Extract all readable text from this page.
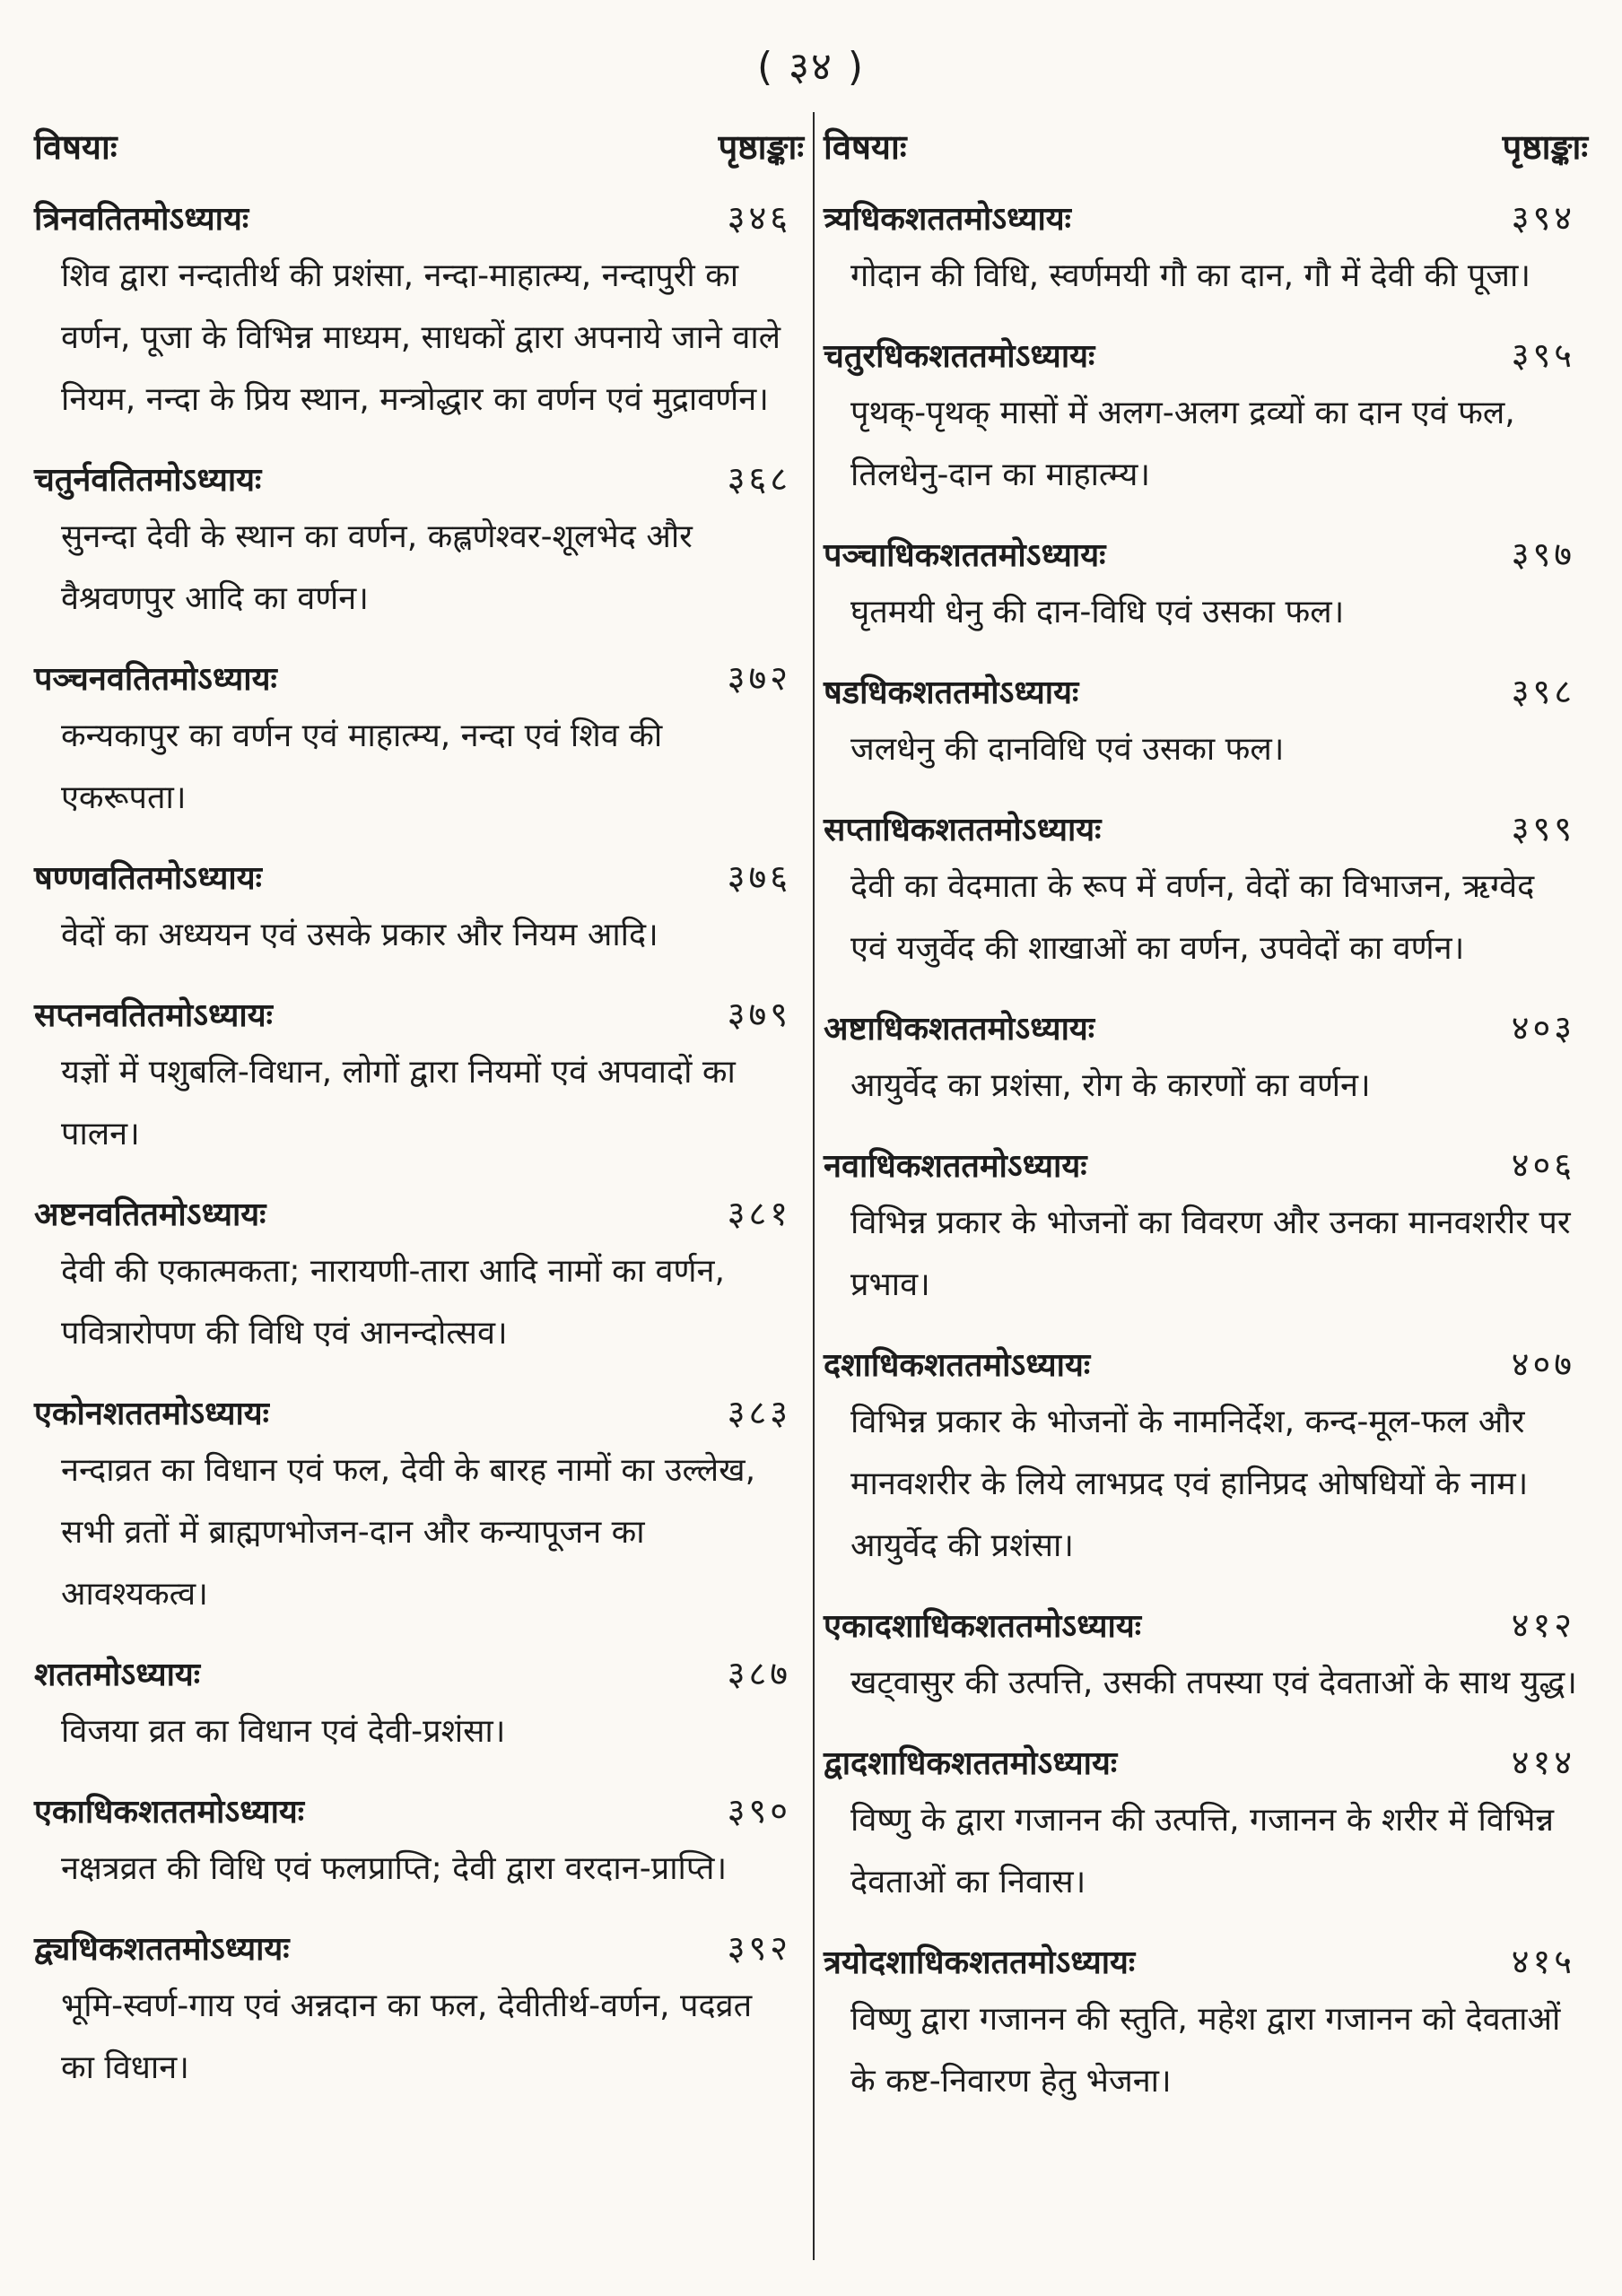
( ३४ )
विषयाः	पृष्ठाङ्काः
त्रिनवतितमोऽध्यायः	३४६
शिव द्वारा नन्दातीर्थ की प्रशंसा, नन्दा-माहात्म्य, नन्दापुरी का वर्णन, पूजा के विभिन्न माध्यम, साधकों द्वारा अपनाये जाने वाले नियम, नन्दा के प्रिय स्थान, मन्त्रोद्धार का वर्णन एवं मुद्रावर्णन।
चतुर्नवतितमोऽध्यायः	३६८
सुनन्दा देवी के स्थान का वर्णन, कह्लणेश्वर-शूलभेद और वैश्रवणपुर आदि का वर्णन।
पञ्चनवतितमोऽध्यायः	३७२
कन्यकापुर का वर्णन एवं माहात्म्य, नन्दा एवं शिव की एकरूपता।
षण्णवतितमोऽध्यायः	३७६
वेदों का अध्ययन एवं उसके प्रकार और नियम आदि।
सप्तनवतितमोऽध्यायः	३७९
यज्ञों में पशुबलि-विधान, लोगों द्वारा नियमों एवं अपवादों का पालन।
अष्टनवतितमोऽध्यायः	३८१
देवी की एकात्मकता; नारायणी-तारा आदि नामों का वर्णन, पवित्रारोपण की विधि एवं आनन्दोत्सव।
एकोनशततमोऽध्यायः	३८३
नन्दाव्रत का विधान एवं फल, देवी के बारह नामों का उल्लेख, सभी व्रतों में ब्राह्मणभोजन-दान और कन्यापूजन का आवश्यकत्व।
शततमोऽध्यायः	३८७
विजया व्रत का विधान एवं देवी-प्रशंसा।
एकाधिकशततमोऽध्यायः	३९०
नक्षत्रव्रत की विधि एवं फलप्राप्ति; देवी द्वारा वरदान-प्राप्ति।
द्व्यधिकशततमोऽध्यायः	३९२
भूमि-स्वर्ण-गाय एवं अन्नदान का फल, देवीतीर्थ-वर्णन, पदव्रत का विधान।
विषयाः	पृष्ठाङ्काः
त्र्यधिकशततमोऽध्यायः	३९४
गोदान की विधि, स्वर्णमयी गौ का दान, गौ में देवी की पूजा।
चतुरधिकशततमोऽध्यायः	३९५
पृथक्-पृथक् मासों में अलग-अलग द्रव्यों का दान एवं फल, तिलधेनु-दान का माहात्म्य।
पञ्चाधिकशततमोऽध्यायः	३९७
घृतमयी धेनु की दान-विधि एवं उसका फल।
षडधिकशततमोऽध्यायः	३९८
जलधेनु की दानविधि एवं उसका फल।
सप्ताधिकशततमोऽध्यायः	३९९
देवी का वेदमाता के रूप में वर्णन, वेदों का विभाजन, ऋग्वेद एवं यजुर्वेद की शाखाओं का वर्णन, उपवेदों का वर्णन।
अष्टाधिकशततमोऽध्यायः	४०३
आयुर्वेद का प्रशंसा, रोग के कारणों का वर्णन।
नवाधिकशततमोऽध्यायः	४०६
विभिन्न प्रकार के भोजनों का विवरण और उनका मानवशरीर पर प्रभाव।
दशाधिकशततमोऽध्यायः	४०७
विभिन्न प्रकार के भोजनों के नामनिर्देश, कन्द-मूल-फल और मानवशरीर के लिये लाभप्रद एवं हानिप्रद ओषधियों के नाम। आयुर्वेद की प्रशंसा।
एकादशाधिकशततमोऽध्यायः	४१२
खट्वासुर की उत्पत्ति, उसकी तपस्या एवं देवताओं के साथ युद्ध।
द्वादशाधिकशततमोऽध्यायः	४१४
विष्णु के द्वारा गजानन की उत्पत्ति, गजानन के शरीर में विभिन्न देवताओं का निवास।
त्रयोदशाधिकशततमोऽध्यायः	४१५
विष्णु द्वारा गजानन की स्तुति, महेश द्वारा गजानन को देवताओं के कष्ट-निवारण हेतु भेजना।
